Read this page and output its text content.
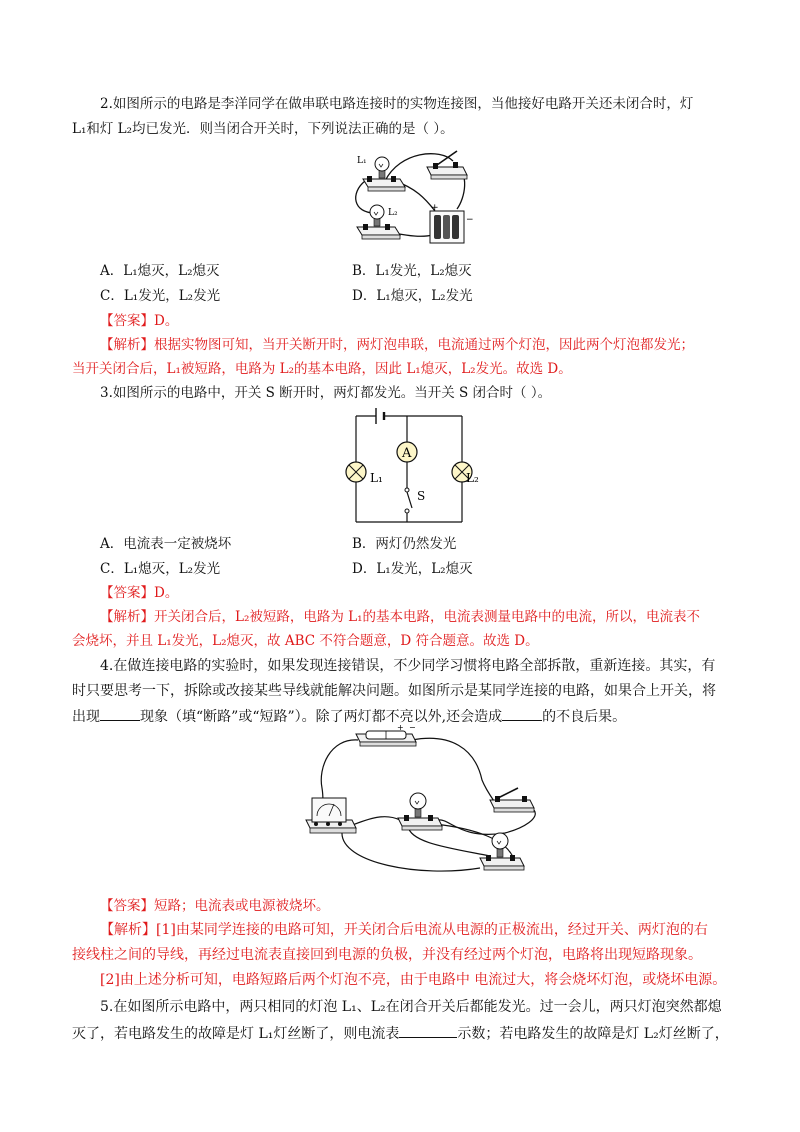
2.如图所示的电路是李洋同学在做串联电路连接时的实物连接图，当他接好电路开关还未闭合时，灯
L₁和灯 L₂均已发光．则当闭合开关时，下列说法正确的是（ ）。
L₁
L₂	+
−
A．L₁熄灭，L₂熄灭	B．L₁发光，L₂熄灭
C．L₁发光，L₂发光	D．L₁熄灭，L₂发光
【答案】D。
【解析】根据实物图可知，当开关断开时，两灯泡串联，电流通过两个灯泡，因此两个灯泡都发光；
当开关闭合后，L₁被短路，电路为 L₂的基本电路，因此 L₁熄灭，L₂发光。故选 D。
3.如图所示的电路中，开关 S 断开时，两灯都发光。当开关 S 闭合时（ ）。
A
L₁	L₂
S
A．电流表一定被烧坏	B．两灯仍然发光
C．L₁熄灭，L₂发光	D．L₁发光，L₂熄灭
【答案】D。
【解析】开关闭合后，L₂被短路，电路为 L₁的基本电路，电流表测量电路中的电流，所以，电流表不
会烧坏，并且 L₁发光，L₂熄灭，故 ABC 不符合题意，D 符合题意。故选 D。
4.在做连接电路的实验时，如果发现连接错误，不少同学习惯将电路全部拆散，重新连接。其实，有
时只要思考一下，拆除或改接某些导线就能解决问题。如图所示是某同学连接的电路，如果合上开关，将
出现	现象（填“断路”或“短路”）。除了两灯都不亮以外,还会造成	的不良后果。
+ −
【答案】短路；电流表或电源被烧坏。
【解析】[1]由某同学连接的电路可知，开关闭合后电流从电源的正极流出，经过开关、两灯泡的右
接线柱之间的导线，再经过电流表直接回到电源的负极，并没有经过两个灯泡，电路将出现短路现象。
[2]由上述分析可知，电路短路后两个灯泡不亮，由于电路中 电流过大，将会烧坏灯泡，或烧坏电源。
5.在如图所示电路中，两只相同的灯泡 L₁、L₂在闭合开关后都能发光。过一会儿，两只灯泡突然都熄
灭了，若电路发生的故障是灯 L₁灯丝断了，则电流表	示数；若电路发生的故障是灯 L₂灯丝断了，
